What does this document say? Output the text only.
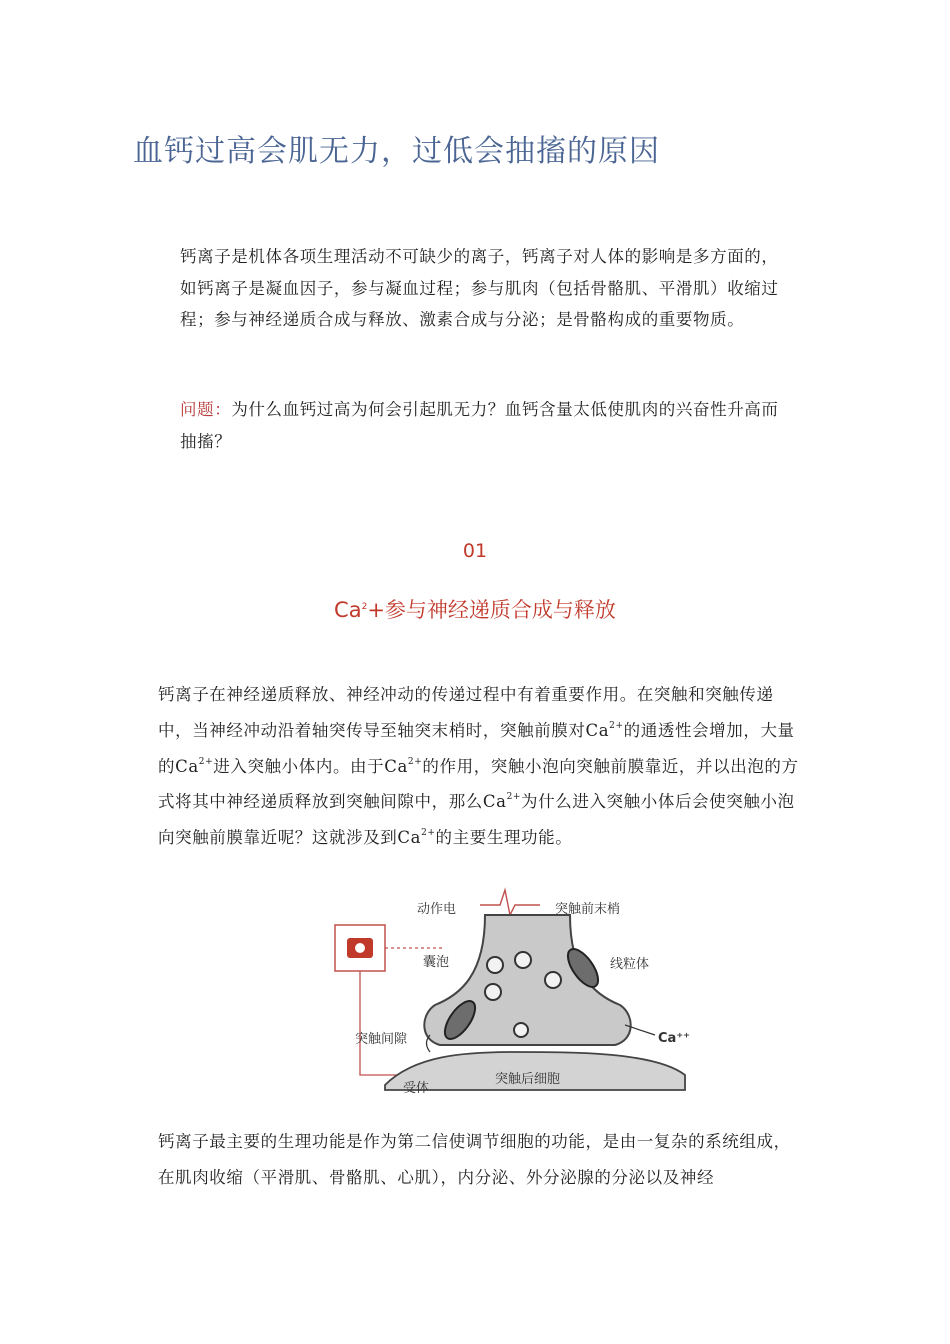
血钙过高会肌无力，过低会抽搐的原因
钙离子是机体各项生理活动不可缺少的离子，钙离子对人体的影响是多方面的，如钙离子是凝血因子，参与凝血过程；参与肌肉（包括骨骼肌、平滑肌）收缩过程；参与神经递质合成与释放、激素合成与分泌；是骨骼构成的重要物质。
问题：为什么血钙过高为何会引起肌无力？血钙含量太低使肌肉的兴奋性升高而抽搐？
01
$Ca^2+$参与神经递质合成与释放
钙离子在神经递质释放、神经冲动的传递过程中有着重要作用。在突触和突触传递中，当神经冲动沿着轴突传导至轴突末梢时，突触前膜对$Ca^{2+}$的通透性会增加，大量的$Ca^{2+}$进入突触小体内。由于$Ca^{2+}$的作用，突触小泡向突触前膜靠近，并以出泡的方式将其中神经递质释放到突触间隙中，那么$Ca^{2+}$为什么进入突触小体后会使突触小泡向突触前膜靠近呢？这就涉及到$Ca^{2+}$的主要生理功能。
动作电	突触前末梢
囊泡	线粒体
突触间隙	Ca⁺⁺
受体
突触后细胞
钙离子最主要的生理功能是作为第二信使调节细胞的功能，是由一复杂的系统组成，在肌肉收缩（平滑肌、骨骼肌、心肌），内分泌、外分泌腺的分泌以及神经
